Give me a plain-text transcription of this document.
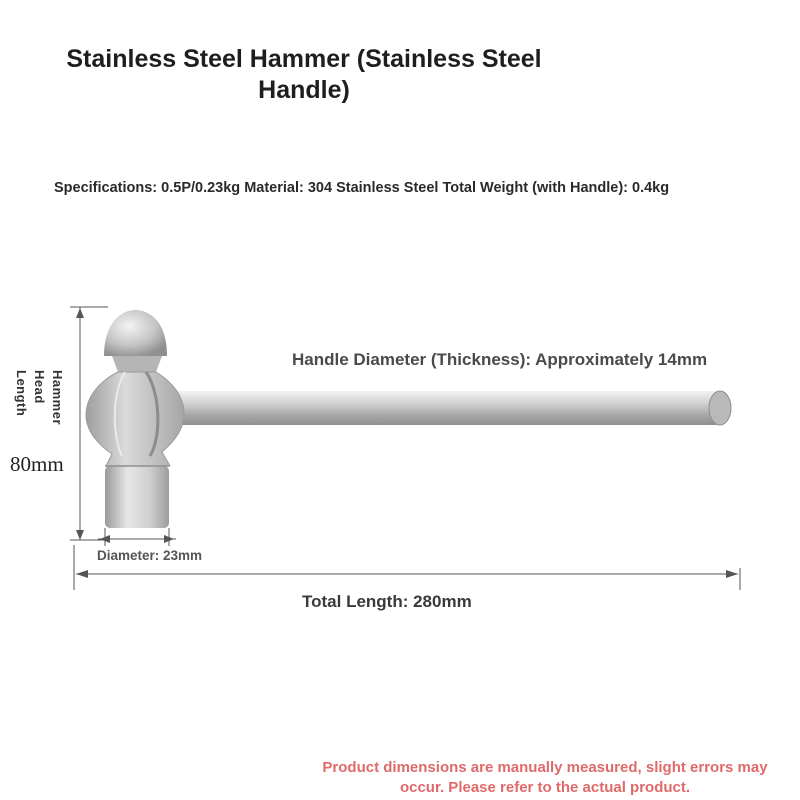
Stainless Steel Hammer (Stainless Steel Handle)
Specifications: 0.5P/0.23kg Material: 304 Stainless Steel Total Weight (with Handle): 0.4kg
Handle Diameter (Thickness): Approximately 14mm
Hammer
Head
Length
80mm
Diameter: 23mm
Total Length: 280mm
Product dimensions are manually measured, slight errors may occur. Please refer to the actual product.
